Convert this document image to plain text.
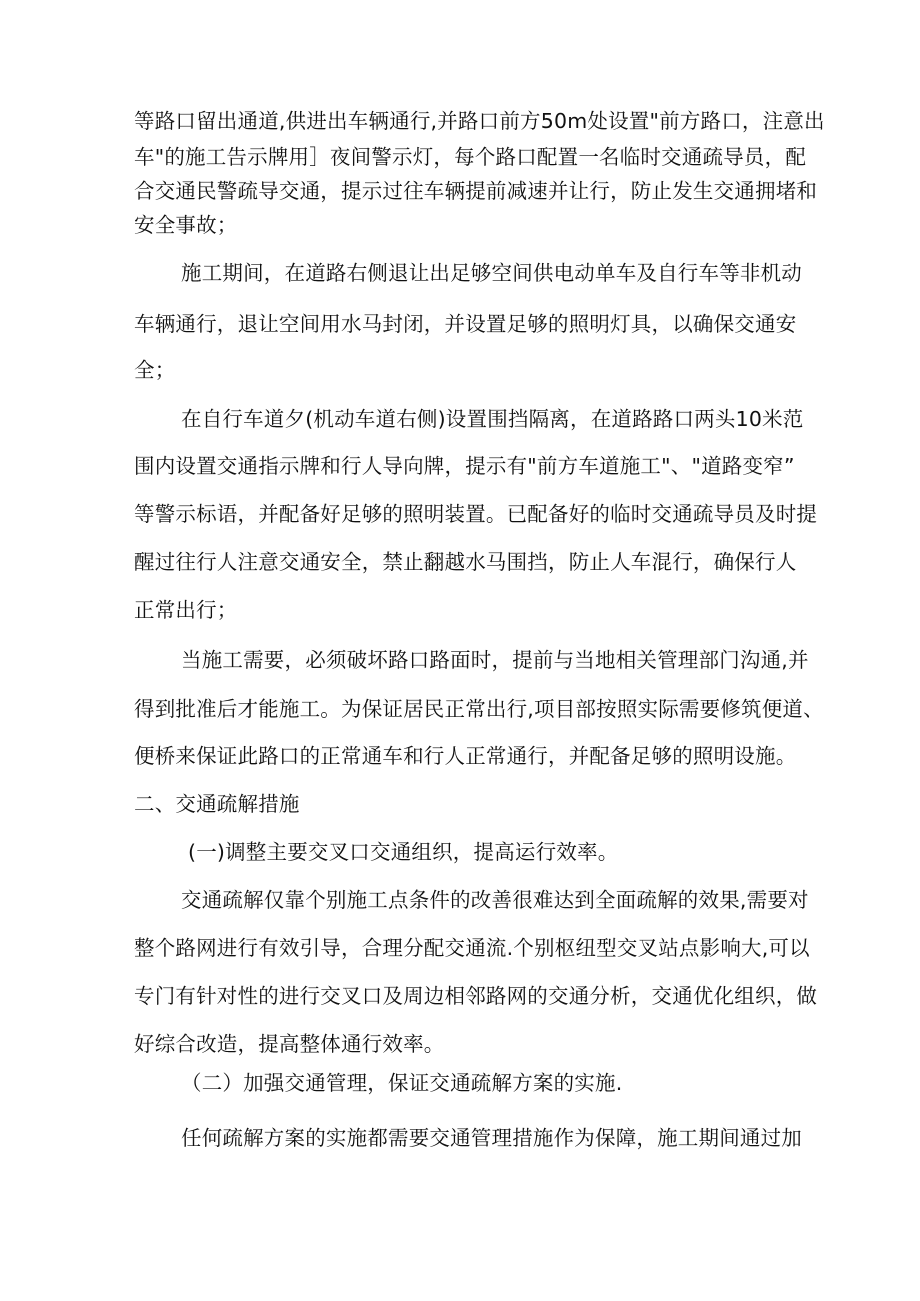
等路口留出通道,供进出车辆通行,并路口前方50m处设置"前方路口，注意出

车"的施工告示牌用］夜间警示灯，每个路口配置一名临时交通疏导员，配

合交通民警疏导交通，提示过往车辆提前减速并让行，防止发生交通拥堵和

安全事故；

施工期间，在道路右侧退让出足够空间供电动单车及自行车等非机动

车辆通行，退让空间用水马封闭，并设置足够的照明灯具，以确保交通安

全；

在自行车道夕(机动车道右侧)设置围挡隔离，在道路路口两头10米范

围内设置交通指示牌和行人导向牌，提示有"前方车道施工"、"道路变窄”

等警示标语，并配备好足够的照明装置。已配备好的临时交通疏导员及时提

醒过往行人注意交通安全，禁止翻越水马围挡，防止人车混行，确保行人

正常出行；

当施工需要，必须破坏路口路面时，提前与当地相关管理部门沟通,并

得到批准后才能施工。为保证居民正常出行,项目部按照实际需要修筑便道、

便桥来保证此路口的正常通车和行人正常通行，并配备足够的照明设施。

二、交通疏解措施

(一)调整主要交叉口交通组织，提高运行效率。

交通疏解仅靠个别施工点条件的改善很难达到全面疏解的效果,需要对

整个路网进行有效引导，合理分配交通流.个别枢纽型交叉站点影响大,可以

专门有针对性的进行交叉口及周边相邻路网的交通分析，交通优化组织，做

好综合改造，提高整体通行效率。

（二）加强交通管理，保证交通疏解方案的实施.

任何疏解方案的实施都需要交通管理措施作为保障，施工期间通过加
